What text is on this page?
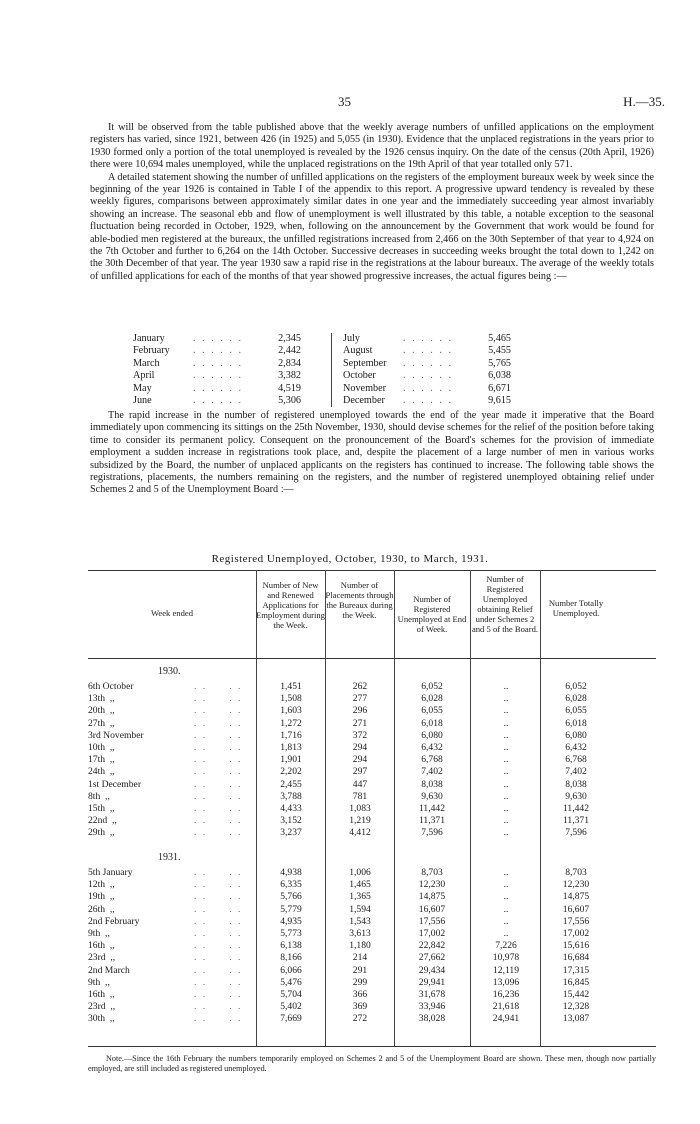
35	H.—35.

It will be observed from the table published above that the weekly average numbers of unfilled applications on the employment registers has varied, since 1921, between 426 (in 1925) and 5,055 (in 1930). Evidence that the unplaced registrations in the years prior to 1930 formed only a portion of the total unemployed is revealed by the 1926 census inquiry. On the date of the census (20th April, 1926) there were 10,694 males unemployed, while the unplaced registrations on the 19th April of that year totalled only 571.

A detailed statement showing the number of unfilled applications on the registers of the employment bureaux week by week since the beginning of the year 1926 is contained in Table I of the appendix to this report. A progressive upward tendency is revealed by these weekly figures, comparisons between approximately similar dates in one year and the immediately succeeding year almost invariably showing an increase. The seasonal ebb and flow of unemployment is well illustrated by this table, a notable exception to the seasonal fluctuation being recorded in October, 1929, when, following on the announcement by the Government that work would be found for able-bodied men registered at the bureaux, the unfilled registrations increased from 2,466 on the 30th September of that year to 4,924 on the 7th October and further to 6,264 on the 14th October. Successive decreases in succeeding weeks brought the total down to 1,242 on the 30th December of that year. The year 1930 saw a rapid rise in the registrations at the labour bureaux. The average of the weekly totals of unfilled applications for each of the months of that year showed progressive increases, the actual figures being :—

January	. . . . . .	2,345
February	. . . . . .	2,442
March	. . . . . .	2,834
April	. . . . . .	3,382
May	. . . . . .	4,519
June	. . . . . .	5,306
July	. . . . . .	5,465
August	. . . . . .	5,455
September	. . . . . .	5,765
October	. . . . . .	6,038
November	. . . . . .	6,671
December	. . . . . .	9,615

The rapid increase in the number of registered unemployed towards the end of the year made it imperative that the Board immediately upon commencing its sittings on the 25th November, 1930, should devise schemes for the relief of the position before taking time to consider its permanent policy. Consequent on the pronouncement of the Board's schemes for the provision of immediate employment a sudden increase in registrations took place, and, despite the placement of a large number of men in various works subsidized by the Board, the number of unplaced applicants on the registers has continued to increase. The following table shows the registrations, placements, the numbers remaining on the registers, and the number of registered unemployed obtaining relief under Schemes 2 and 5 of the Unemployment Board :—

Registered Unemployed, October, 1930, to March, 1931.
Week ended
Number of New and Renewed Applications for Employment during the Week.
Number of Placements through the Bureaux during the Week.
Number of Registered Unemployed at End of Week.
Number of Registered Unemployed obtaining Relief under Schemes 2 and 5 of the Board.
Number Totally Unemployed.
1930.
1931.
6th October	. .     . .	1,451	262	6,052	..	6,052
13th  ,,	. .     . .	1,508	277	6,028	..	6,028
20th  ,,	. .     . .	1,603	296	6,055	..	6,055
27th  ,,	. .     . .	1,272	271	6,018	..	6,018
3rd November	. .     . .	1,716	372	6,080	..	6,080
10th  ,,	. .     . .	1,813	294	6,432	..	6,432
17th  ,,	. .     . .	1,901	294	6,768	..	6,768
24th  ,,	. .     . .	2,202	297	7,402	..	7,402
1st December	. .     . .	2,455	447	8,038	..	8,038
8th  ,,	. .     . .	3,788	781	9,630	..	9,630
15th  ,,	. .     . .	4,433	1,083	11,442	..	11,442
22nd  ,,	. .     . .	3,152	1,219	11,371	..	11,371
29th  ,,	. .     . .	3,237	4,412	7,596	..	7,596
5th January	. .     . .	4,938	1,006	8,703	..	8,703
12th  ,,	. .     . .	6,335	1,465	12,230	..	12,230
19th  ,,	. .     . .	5,766	1,365	14,875	..	14,875
26th  ,,	. .     . .	5,779	1,594	16,607	..	16,607
2nd February	. .     . .	4,935	1,543	17,556	..	17,556
9th  ,,	. .     . .	5,773	3,613	17,002	..	17,002
16th  ,,	. .     . .	6,138	1,180	22,842	7,226	15,616
23rd  ,,	. .     . .	8,166	214	27,662	10,978	16,684
2nd March	. .     . .	6,066	291	29,434	12,119	17,315
9th  ,,	. .     . .	5,476	299	29,941	13,096	16,845
16th  ,,	. .     . .	5,704	366	31,678	16,236	15,442
23rd  ,,	. .     . .	5,402	369	33,946	21,618	12,328
30th  ,,	. .     . .	7,669	272	38,028	24,941	13,087
Note.—Since the 16th February the numbers temporarily employed on Schemes 2 and 5 of the Unemployment Board are shown. These men, though now partially employed, are still included as registered unemployed.
